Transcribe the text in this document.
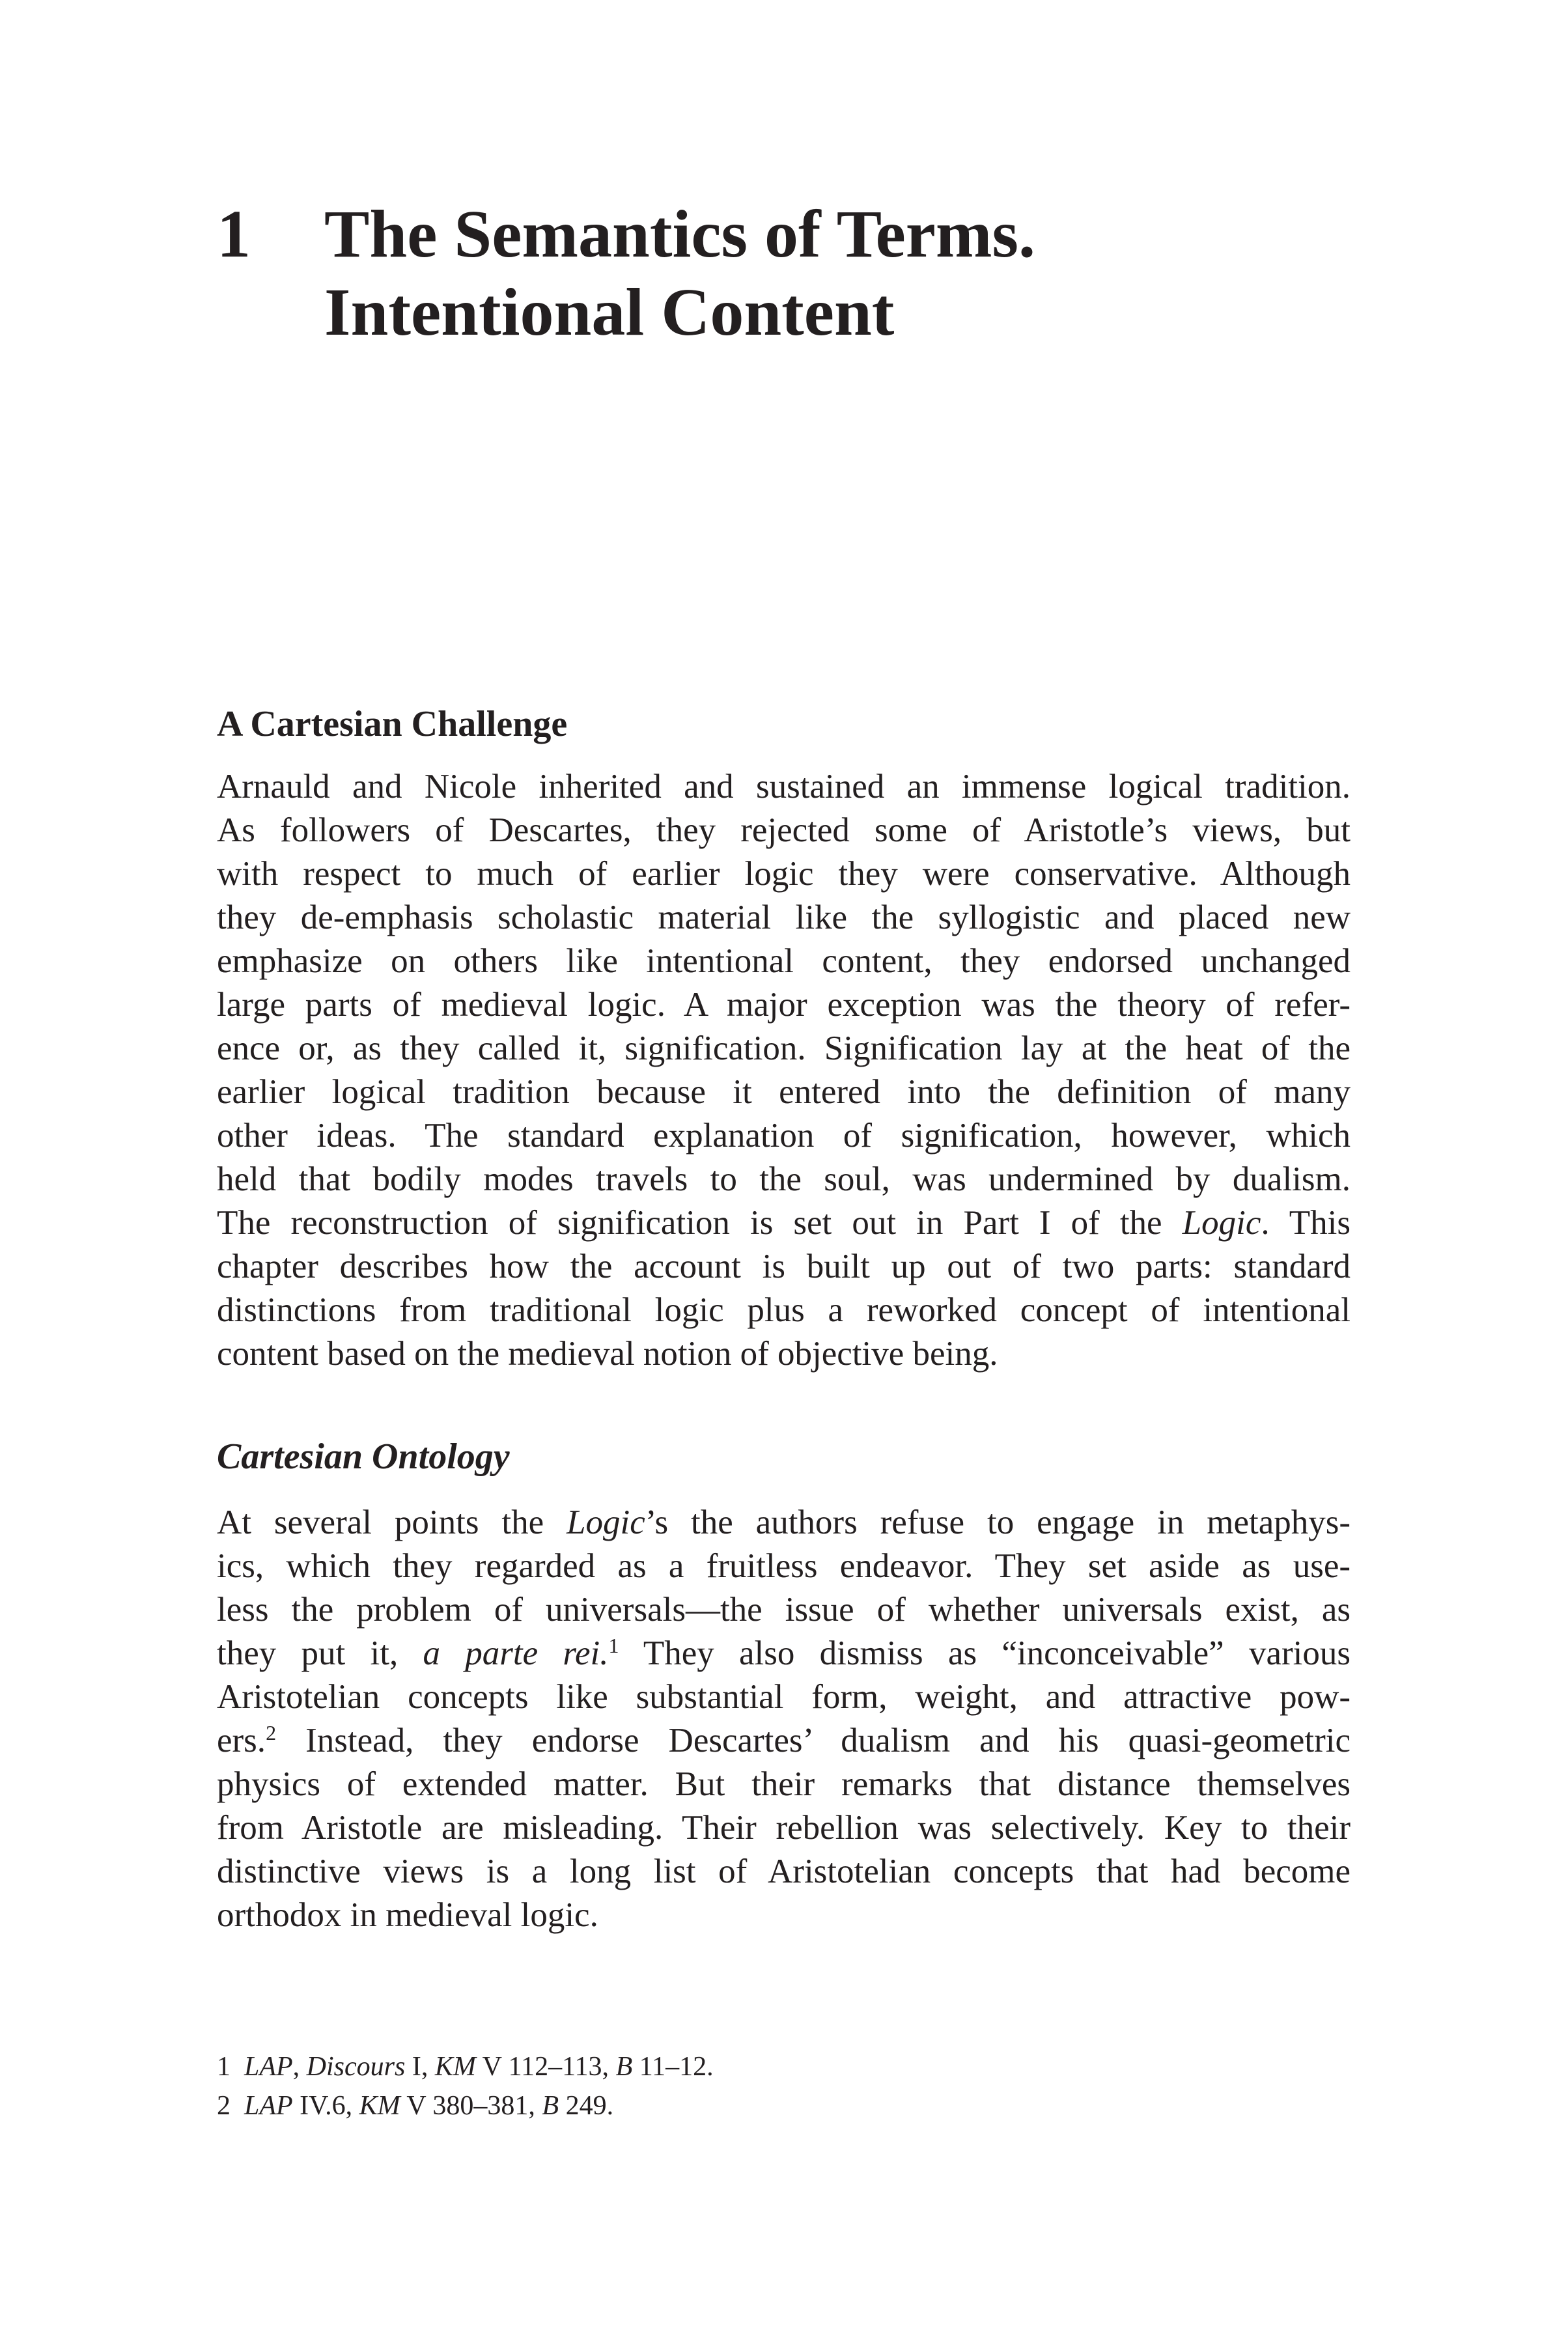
1 The Semantics of Terms.
Intentional Content
A Cartesian Challenge
Arnauld and Nicole inherited and sustained an immense logical tradition.
As followers of Descartes, they rejected some of Aristotle’s views, but
with respect to much of earlier logic they were conservative. Although
they de-emphasis scholastic material like the syllogistic and placed new
emphasize on others like intentional content, they endorsed unchanged
large parts of medieval logic. A major exception was the theory of refer-
ence or, as they called it, signification. Signification lay at the heat of the
earlier logical tradition because it entered into the definition of many
other ideas. The standard explanation of signification, however, which
held that bodily modes travels to the soul, was undermined by dualism.
The reconstruction of signification is set out in Part I of the Logic. This
chapter describes how the account is built up out of two parts: standard
distinctions from traditional logic plus a reworked concept of intentional
content based on the medieval notion of objective being.
Cartesian Ontology
At several points the Logic’s the authors refuse to engage in metaphys-
ics, which they regarded as a fruitless endeavor. They set aside as use-
less the problem of universals—the issue of whether universals exist, as
they put it, a parte rei.$^1$ They also dismiss as “inconceivable” various
Aristotelian concepts like substantial form, weight, and attractive pow-
ers.$^2$ Instead, they endorse Descartes’ dualism and his quasi-geometric
physics of extended matter. But their remarks that distance themselves
from Aristotle are misleading. Their rebellion was selectively. Key to their
distinctive views is a long list of Aristotelian concepts that had become
orthodox in medieval logic.
1 LAP, Discours I, KM V 112–113, B 11–12.
2 LAP IV.6, KM V 380–381, B 249.
